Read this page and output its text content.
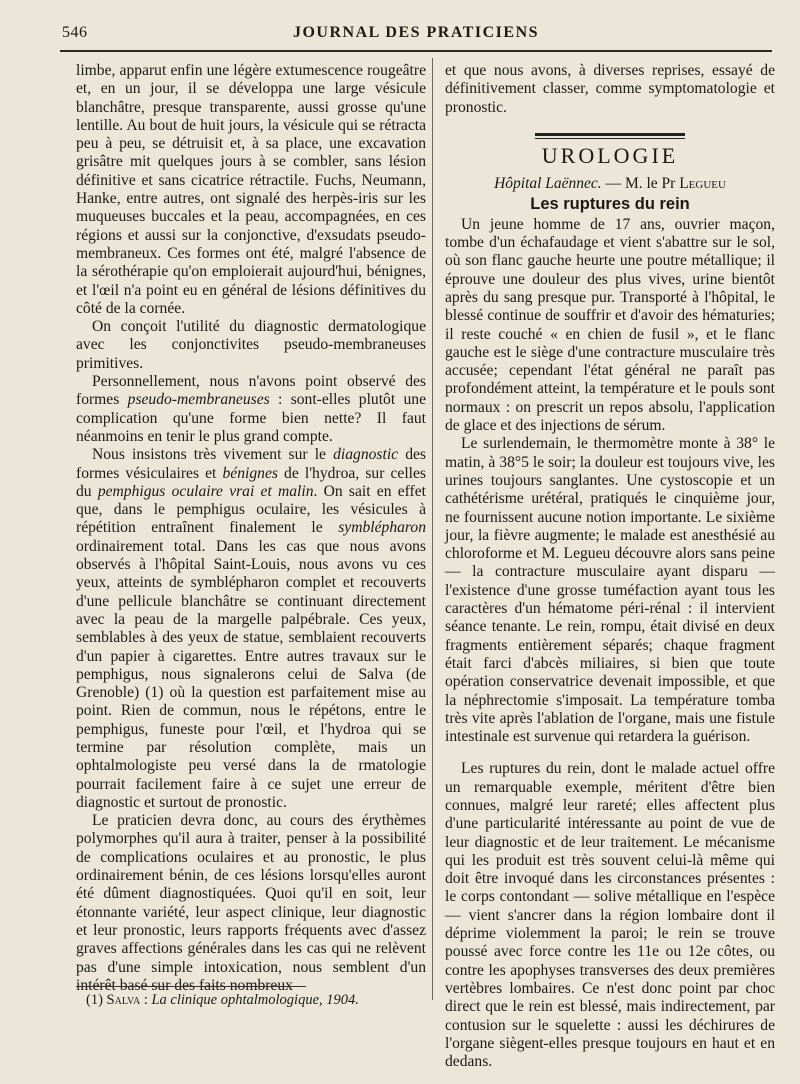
546	JOURNAL DES PRATICIENS

limbe, apparut enfin une légère extumescence rougeâtre et, en un jour, il se développa une large vésicule blanchâtre, presque transparente, aussi grosse qu'une lentille. Au bout de huit jours, la vésicule qui se rétracta peu à peu, se détruisit et, à sa place, une excavation grisâtre mit quelques jours à se combler, sans lésion définitive et sans cicatrice rétractile. Fuchs, Neumann, Hanke, entre autres, ont signalé des herpès-iris sur les muqueuses buccales et la peau, accompagnées, en ces régions et aussi sur la conjonctive, d'exsudats pseudo-membraneux. Ces formes ont été, malgré l'absence de la sérothérapie qu'on emploierait aujourd'hui, bénignes, et l'œil n'a point eu en général de lésions définitives du côté de la cornée.

On conçoit l'utilité du diagnostic dermatologique avec les conjonctivites pseudo-membraneuses primitives.

Personnellement, nous n'avons point observé des formes pseudo-membraneuses : sont-elles plutôt une complication qu'une forme bien nette? Il faut néanmoins en tenir le plus grand compte.

Nous insistons très vivement sur le diagnostic des formes vésiculaires et bénignes de l'hydroa, sur celles du pemphigus oculaire vrai et malin. On sait en effet que, dans le pemphigus oculaire, les vésicules à répétition entraînent finalement le symblépharon ordinairement total. Dans les cas que nous avons observés à l'hôpital Saint-Louis, nous avons vu ces yeux, atteints de symblépharon complet et recouverts d'une pellicule blanchâtre se continuant directement avec la peau de la margelle palpébrale. Ces yeux, semblables à des yeux de statue, semblaient recouverts d'un papier à cigarettes. Entre autres travaux sur le pemphigus, nous signalerons celui de Salva (de Grenoble) (1) où la question est parfaitement mise au point. Rien de commun, nous le répétons, entre le pemphigus, funeste pour l'œil, et l'hydroa qui se termine par résolution complète, mais un ophtalmologiste peu versé dans la de rmatologie pourrait facilement faire à ce sujet une erreur de diagnostic et surtout de pronostic.

Le praticien devra donc, au cours des érythèmes polymorphes qu'il aura à traiter, penser à la possibilité de complications oculaires et au pronostic, le plus ordinairement bénin, de ces lésions lorsqu'elles auront été dûment diagnostiquées. Quoi qu'il en soit, leur étonnante variété, leur aspect clinique, leur diagnostic et leur pronostic, leurs rapports fréquents avec d'assez graves affections générales dans les cas qui ne relèvent pas d'une simple intoxication, nous semblent d'un intérêt basé sur des faits nombreux

et que nous avons, à diverses reprises, essayé de définitivement classer, comme symptomatologie et pronostic.

UROLOGIE
Hôpital Laënnec. — M. le Pr Legueu
Les ruptures du rein

Un jeune homme de 17 ans, ouvrier maçon, tombe d'un échafaudage et vient s'abattre sur le sol, où son flanc gauche heurte une poutre métallique; il éprouve une douleur des plus vives, urine bientôt après du sang presque pur. Transporté à l'hôpital, le blessé continue de souffrir et d'avoir des hématuries; il reste couché « en chien de fusil », et le flanc gauche est le siège d'une contracture musculaire très accusée; cependant l'état général ne paraît pas profondément atteint, la température et le pouls sont normaux : on prescrit un repos absolu, l'application de glace et des injections de sérum.

Le surlendemain, le thermomètre monte à 38° le matin, à 38°5 le soir; la douleur est toujours vive, les urines toujours sanglantes. Une cystoscopie et un cathétérisme urétéral, pratiqués le cinquième jour, ne fournissent aucune notion importante. Le sixième jour, la fièvre augmente; le malade est anesthésié au chloroforme et M. Legueu découvre alors sans peine — la contracture musculaire ayant disparu — l'existence d'une grosse tuméfaction ayant tous les caractères d'un hématome péri-rénal : il intervient séance tenante. Le rein, rompu, était divisé en deux fragments entièrement séparés; chaque fragment était farci d'abcès miliaires, si bien que toute opération conservatrice devenait impossible, et que la néphrectomie s'imposait. La température tomba très vite après l'ablation de l'organe, mais une fistule intestinale est survenue qui retardera la guérison.

Les ruptures du rein, dont le malade actuel offre un remarquable exemple, méritent d'être bien connues, malgré leur rareté; elles affectent plus d'une particularité intéressante au point de vue de leur diagnostic et de leur traitement. Le mécanisme qui les produit est très souvent celui-là même qui doit être invoqué dans les circonstances présentes : le corps contondant — solive métallique en l'espèce — vient s'ancrer dans la région lombaire dont il déprime violemment la paroi; le rein se trouve poussé avec force contre les 11e ou 12e côtes, ou contre les apophyses transverses des deux premières vertèbres lombaires. Ce n'est donc point par choc direct que le rein est blessé, mais indirectement, par contusion sur le squelette : aussi les déchirures de l'organe siègent-elles presque toujours en haut et en dedans.

(1) Salva : La clinique ophtalmologique, 1904.
